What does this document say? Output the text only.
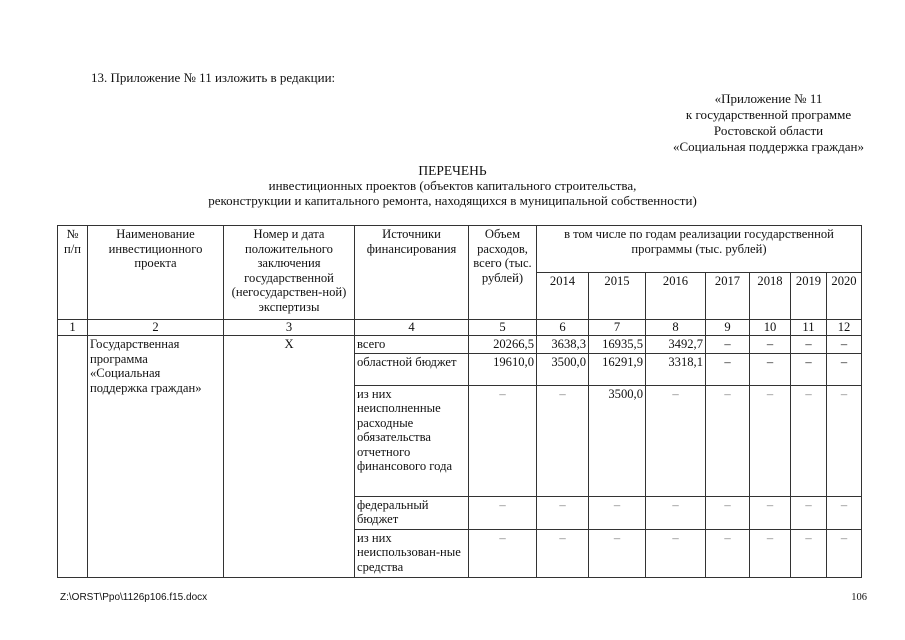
13. Приложение № 11 изложить в редакции:
«Приложение № 11
к государственной программе
Ростовской области
«Социальная поддержка граждан»
ПЕРЕЧЕНЬ
инвестиционных проектов (объектов капитального строительства,
реконструкции и капитального ремонта, находящихся в муниципальной собственности)
№ п/п	Наименование инвестиционного проекта	Номер и дата положительного заключения государственной (негосударствен-ной) экспертизы	Источники финансирования	Объем расходов, всего (тыс. рублей)	в том числе по годам реализации государственной программы (тыс. рублей)						
					2014	2015	2016	2017	2018	2019	2020
1	2	3	4	5	6	7	8	9	10	11	12
	Государственная программа «Социальная поддержка граждан»	Х	всего	20266,5	3638,3	16935,5	3492,7	–	–	–	–
			областной бюджет	19610,0	3500,0	16291,9	3318,1	–	–	–	–
			из них неисполненные расходные обязательства отчетного финансового года	–	–	3500,0	–	–	–	–	–
			федеральный бюджет	–	–	–	–	–	–	–	–
			из них неиспользован-ные средства	–	–	–	–	–	–	–	–
Z:\ORST\Ppo\1126p106.f15.docx	106
